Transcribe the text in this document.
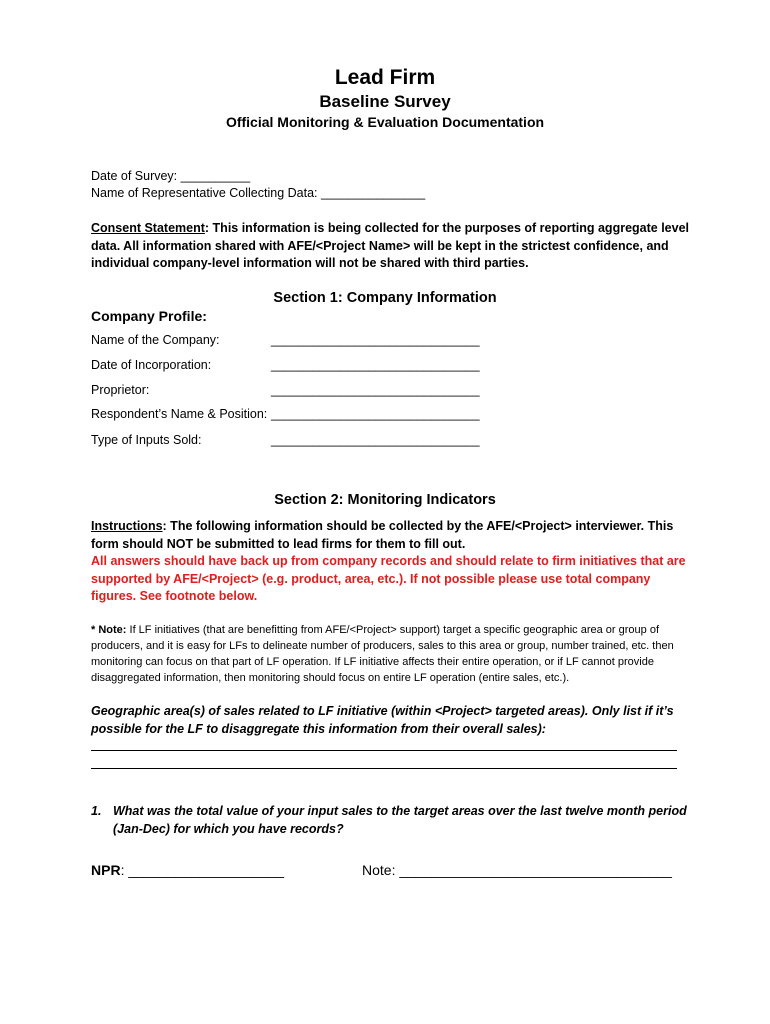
Lead Firm
Baseline Survey
Official Monitoring & Evaluation Documentation
Date of Survey: __________
Name of Representative Collecting Data: _______________
Consent Statement: This information is being collected for the purposes of reporting aggregate level data. All information shared with AFE/<Project Name> will be kept in the strictest confidence, and individual company-level information will not be shared with third parties.
Section 1: Company Information
Company Profile:
Name of the Company:	______________________________
Date of Incorporation:	______________________________
Proprietor:	______________________________
Respondent’s Name & Position: ______________________________
Type of Inputs Sold:	______________________________
Section 2: Monitoring Indicators
Instructions: The following information should be collected by the AFE/<Project> interviewer. This form should NOT be submitted to lead firms for them to fill out.
All answers should have back up from company records and should relate to firm initiatives that are supported by AFE/<Project> (e.g. product, area, etc.). If not possible please use total company figures. See footnote below.
* Note: If LF initiatives (that are benefitting from AFE/<Project> support) target a specific geographic area or group of producers, and it is easy for LFs to delineate number of producers, sales to this area or group, number trained, etc. then monitoring can focus on that part of LF operation. If LF initiative affects their entire operation, or if LF cannot provide disaggregated information, then monitoring should focus on entire LF operation (entire sales, etc.).
Geographic area(s) of sales related to LF initiative (within <Project> targeted areas). Only list if it’s possible for the LF to disaggregate this information from their overall sales):
1. What was the total value of your input sales to the target areas over the last twelve month period (Jan-Dec) for which you have records?
NPR: ____________________	Note: ___________________________________
